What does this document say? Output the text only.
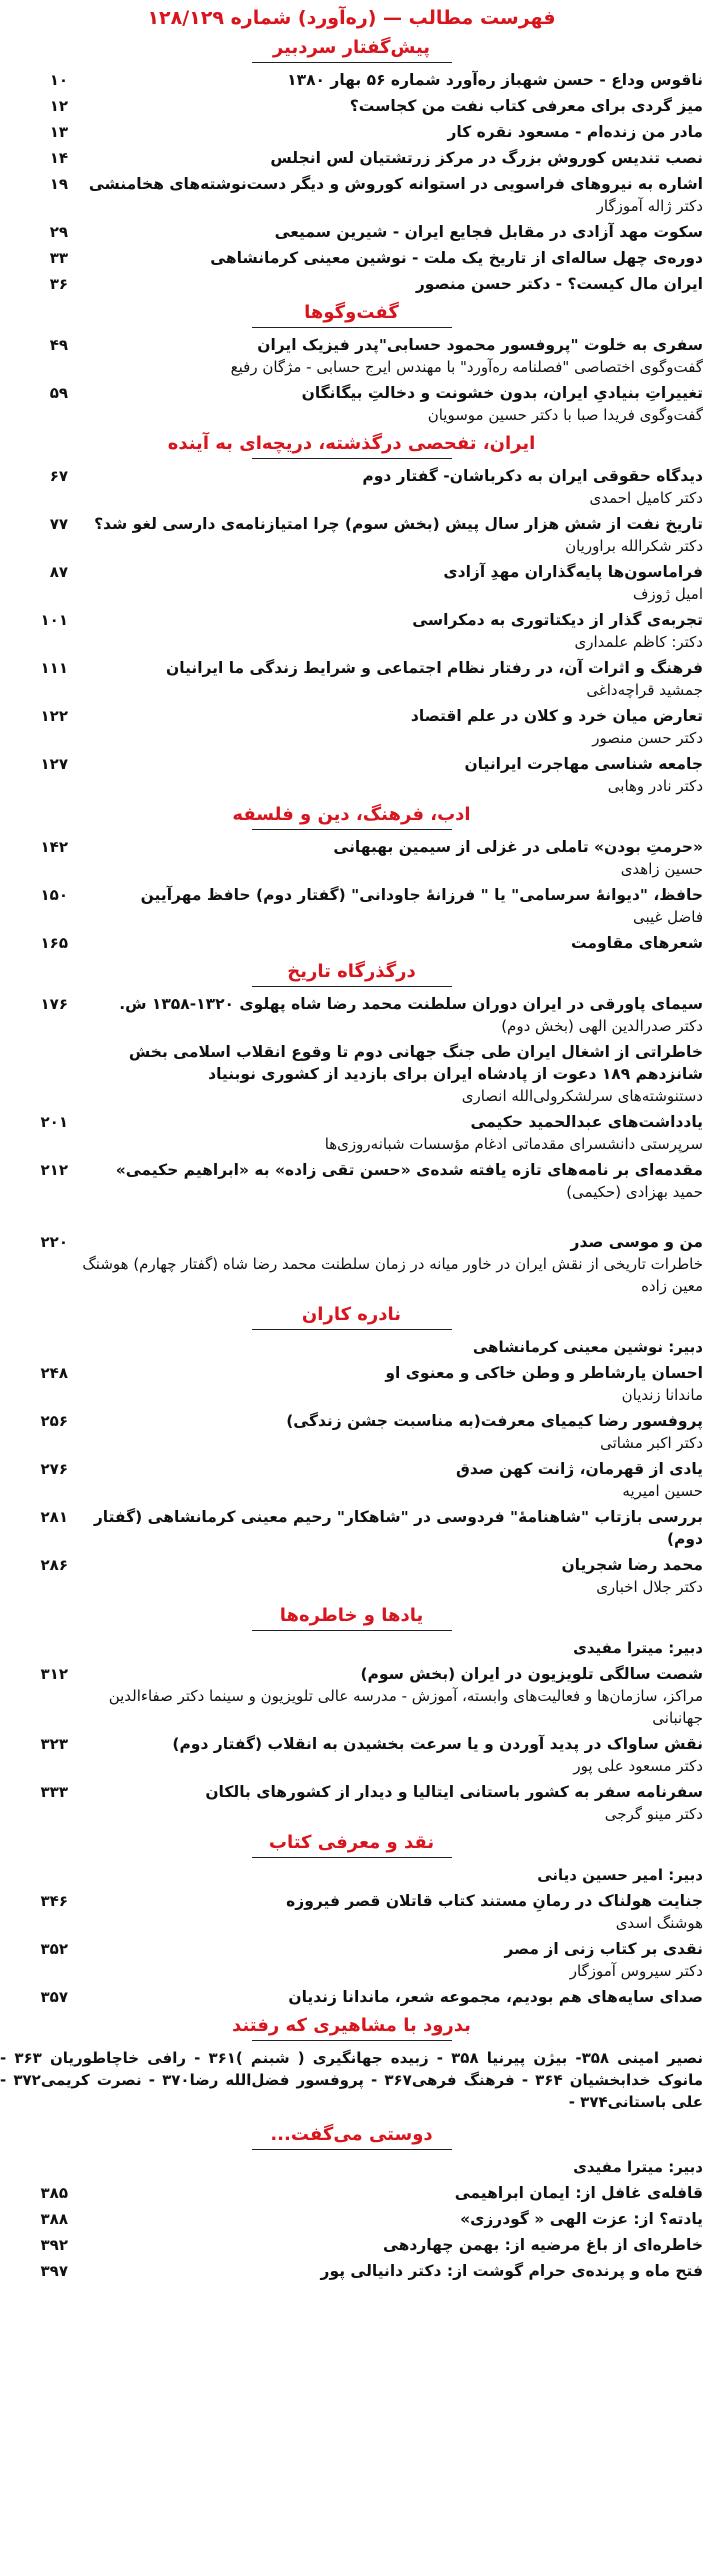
فهرست مطالب — (ره‌آورد) شماره ۱۲۸/۱۲۹
پیش‌گفتار سردبیر
ناقوس وداع - حسن شهباز ره‌آورد شماره ۵۶ بهار ۱۳۸۰
۱۰
میز گردی برای معرفی کتاب نفت من کجاست؟
۱۲
مادر من زنده‌ام - مسعود نقره کار
۱۳
نصب تندیس کوروش بزرگ در مرکز زرتشتیان لس انجلس
۱۴
اشاره به نیروهای فراسویی در استوانه کوروش و دیگر دست‌نوشته‌های هخامنشی
دکتر ژاله آموزگار
۱۹
سکوت مهد آزادی در مقابل فجایع ایران - شیرین سمیعی
۲۹
دوره‌ی چهل ساله‌ای از تاریخ یک ملت - نوشین معینی کرمانشاهی
۳۳
ایران مال کیست؟ - دکتر حسن منصور
۳۶
گفت‌وگوها
سفری به خلوت "پروفسور محمود حسابی"پدر فیزیک ایران
گفت‌وگوی اختصاصی "فصلنامه ره‌آورد" با مهندس ایرج حسابی - مژگان رفیع
۴۹
تغییراتِ بنیادیِ ایران، بدون خشونت و دخالتِ بیگانگان
گفت‌وگوی فریدا صبا با دکتر حسین موسویان
۵۹
ایران، تفحصی درگذشته، دریچه‌ای به آینده
دیدگاه حقوقی ایران به دکرباشان- گفتار دوم
دکتر کامیل احمدی
۶۷
تاریخ نفت از شش هزار سال پیش (بخش سوم) چرا امتیازنامه‌ی دارسی لغو شد؟
دکتر شکرالله براوریان
۷۷
فراماسون‌ها پایه‌گذاران مهدِ آزادی
امیل ژوزف
۸۷
تجربه‌ی گذار از دیکتاتوری به دمکراسی
دکتر: کاظم علمداری
۱۰۱
فرهنگ و اثرات آن، در رفتار نظام اجتماعی و شرایط زندگی ما ایرانیان
جمشید قراچه‌داغی
۱۱۱
تعارض میان خرد و کلان در علم اقتصاد
دکتر حسن منصور
۱۲۲
جامعه شناسی مهاجرت ایرانیان
دکتر نادر وهابی
۱۲۷
ادب، فرهنگ، دین و فلسفه
«حرمتِ بودن» تاملی در غزلی از سیمین بهبهانی
حسین زاهدی
۱۴۲
حافظ، "دیوانهٔ سرسامی" یا " فرزانهٔ جاودانی" (گفتار دوم) حافظ مهرآیین
فاضل غیبی
۱۵۰
شعرهای مقاومت
۱۶۵
درگذرگاه تاریخ
سیمای پاورقی در ایران دوران سلطنت محمد رضا شاه پهلوی ۱۳۲۰-۱۳۵۸ ش.
دکتر صدرالدین الهی (بخش دوم)
۱۷۶
خاطراتی از اشغال ایران طی جنگ جهانی دوم تا وقوع انقلاب اسلامی بخش شانزدهم ۱۸۹ دعوت از پادشاه ایران برای بازدید از کشوری نوبنیاد
دستنوشته‌های سرلشکرولی‌الله انصاری
یادداشت‌های عبدالحمید حکیمی
سرپرستی دانشسرای مقدماتی ادغام مؤسسات شبانه‌روزی‌ها
۲۰۱
مقدمه‌ای بر نامه‌های تازه یافته شده‌ی «حسن تقی زاده» به «ابراهیم حکیمی»
حمید بهزادی (حکیمی)
۲۱۲
من و موسی صدر
خاطرات تاریخی از نقش ایران در خاور میانه در زمان سلطنت محمد رضا شاه (گفتار چهارم) هوشنگ معین زاده
۲۲۰
نادره کاران
دبیر: نوشین معینی کرمانشاهی
احسان یارشاطر و وطن خاکی و معنوی او
ماندانا زندیان
۲۴۸
پروفسور رضا کیمیای معرفت(به مناسبت جشن زندگی)
دکتر اکبر مشاتی
۲۵۶
یادی از قهرمان، ژانت کهن صدق
حسین امیریه
۲۷۶
بررسی بازتاب "شاهنامهٔ" فردوسی در "شاهکار" رحیم معینی کرمانشاهی (گفتار دوم)
۲۸۱
محمد رضا شجریان
دکتر جلال اخباری
۲۸۶
یادها و خاطره‌ها
دبیر: میترا مفیدی
شصت سالگی تلویزیون در ایران (بخش سوم)
مراکز، سازمان‌ها و فعالیت‌های وابسته، آموزش - مدرسه عالی تلویزیون و سینما دکتر صفاءالدین جهانبانی
۳۱۲
نقش ساواک در پدید آوردن و یا سرعت بخشیدن به انقلاب (گفتار دوم)
دکتر مسعود علی پور
۳۲۳
سفرنامه سفر به کشور باستانی ایتالیا و دیدار از کشورهای بالکان
دکتر مینو گرجی
۳۳۳
نقد و معرفی کتاب
دبیر: امیر حسین دیانی
جنایت هولناک در رمانِ مستند کتاب قاتلان قصر فیروزه
هوشنگ اسدی
۳۴۶
نقدی بر کتاب زنی از مصر
دکتر سیروس آموزگار
۳۵۲
صدای سایه‌های هم بودیم، مجموعه شعر، ماندانا زندیان
۳۵۷
بدرود با مشاهیری که رفتند
نصیر امینی ۳۵۸- بیژن پیرنیا ۳۵۸ - زبیده جهانگیری ( شبنم )۳۶۱ - رافی خاچاطوریان ۳۶۳ - مانوک خدابخشیان ۳۶۴ - فرهنگ فرهی۳۶۷ - پروفسور فضل‌الله رضا۳۷۰ - نصرت کریمی۳۷۲ - علی باستانی۳۷۴ -
دوستی می‌گفت...
دبیر: میترا مفیدی
قافله‌ی غافل از: ایمان ابراهیمی
۳۸۵
یادته؟ از: عزت الهی « گودرزی»
۳۸۸
خاطره‌ای از باغ مرضیه از: بهمن چهاردهی
۳۹۲
فتح ماه و پرنده‌ی حرام گوشت از: دکتر دانیالی پور
۳۹۷
